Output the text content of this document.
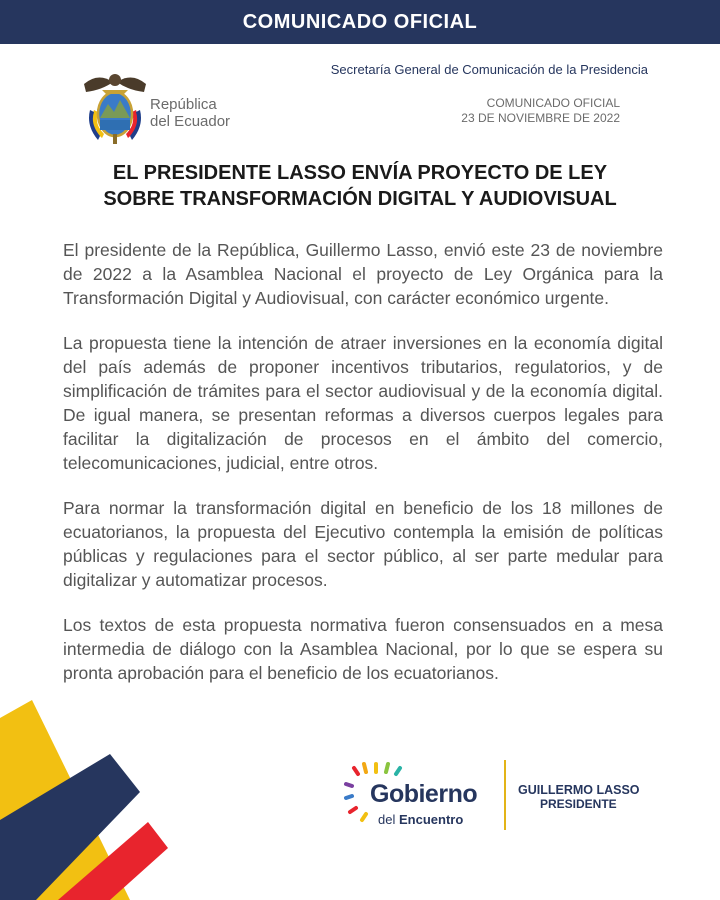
COMUNICADO OFICIAL
República
del Ecuador
Secretaría General de Comunicación de la Presidencia
COMUNICADO OFICIAL
23 DE NOVIEMBRE DE 2022
EL PRESIDENTE LASSO ENVÍA PROYECTO DE LEY
SOBRE TRANSFORMACIÓN DIGITAL Y AUDIOVISUAL

El presidente de la República, Guillermo Lasso, envió este 23 de noviembre de 2022 a la Asamblea Nacional el proyecto de Ley Orgánica para la Transformación Digital y Audiovisual, con carácter económico urgente.

La propuesta tiene la intención de atraer inversiones en la economía digital del país además de proponer incentivos tributarios, regulatorios, y de simplificación de trámites para el sector audiovisual y de la economía digital. De igual manera, se presentan reformas a diversos cuerpos legales para facilitar la digitalización de procesos en el ámbito del comercio, telecomunicaciones, judicial, entre otros.

Para normar la transformación digital en beneficio de los 18 millones de ecuatorianos, la propuesta del Ejecutivo contempla la emisión de políticas públicas y regulaciones para el sector público, al ser parte medular para digitalizar y automatizar procesos.

Los textos de esta propuesta normativa fueron consensuados en a mesa intermedia de diálogo con la Asamblea Nacional, por lo que se espera su pronta aprobación para el beneficio de los ecuatorianos.

Gobierno
del Encuentro
GUILLERMO LASSO
PRESIDENTE
